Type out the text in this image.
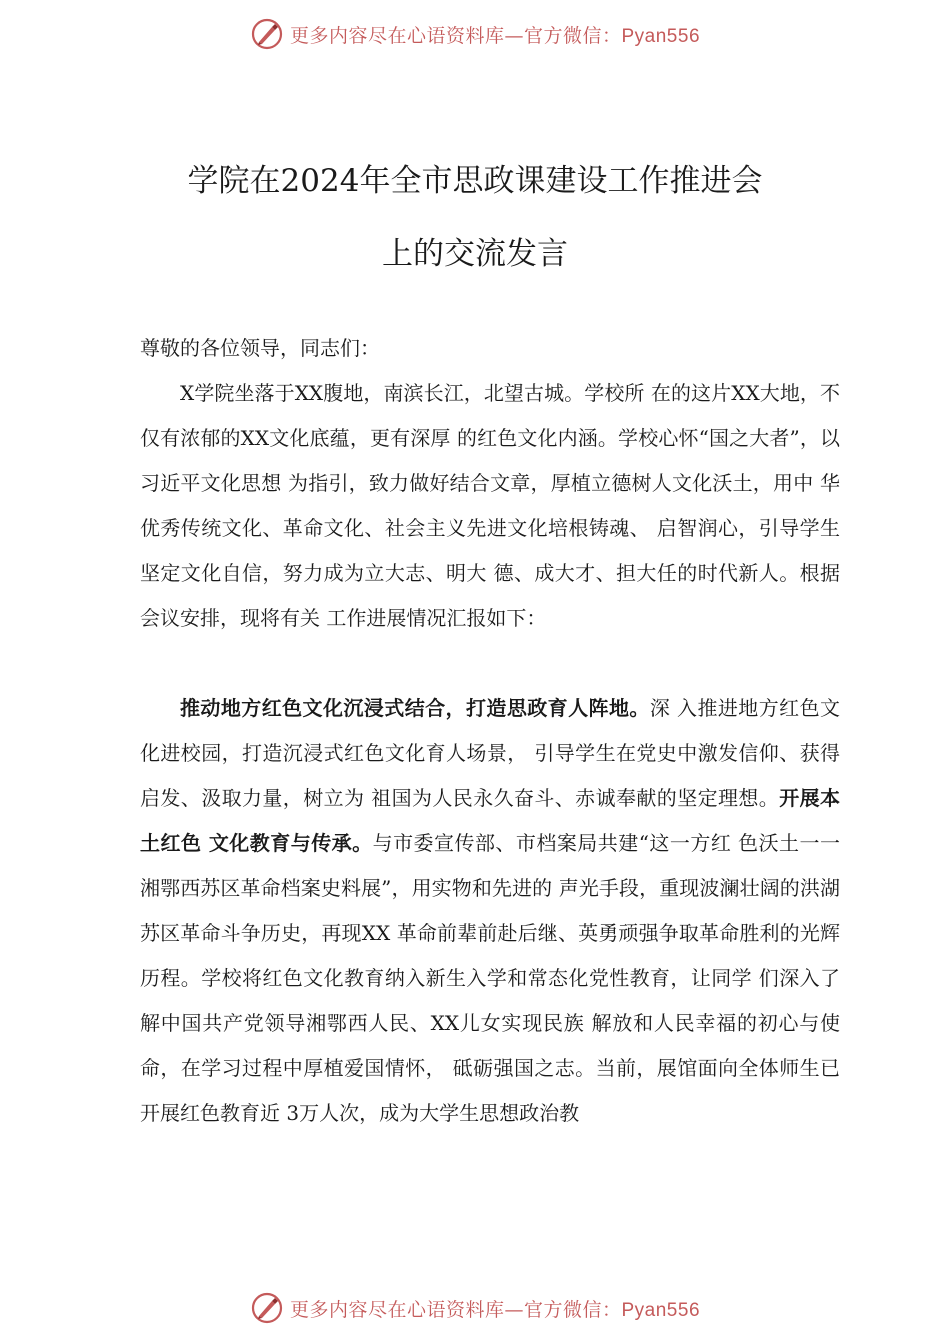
更多内容尽在心语资料库—官方微信：Pyan556
学院在2024年全市思政课建设工作推进会
上的交流发言

尊敬的各位领导，同志们：

X学院坐落于XX腹地，南滨长江，北望古城。学校所 在的这片XX大地，不仅有浓郁的XX文化底蕴，更有深厚 的红色文化内涵。学校心怀“国之大者”，以习近平文化思想 为指引，致力做好结合文章，厚植立德树人文化沃土，用中 华优秀传统文化、革命文化、社会主义先进文化培根铸魂、 启智润心，引导学生坚定文化自信，努力成为立大志、明大 德、成大才、担大任的时代新人。根据会议安排，现将有关 工作进展情况汇报如下：

推动地方红色文化沉浸式结合，打造思政育人阵地。深 入推进地方红色文化进校园，打造沉浸式红色文化育人场景， 引导学生在党史中激发信仰、获得启发、汲取力量，树立为 祖国为人民永久奋斗、赤诚奉献的坚定理想。开展本土红色 文化教育与传承。与市委宣传部、市档案局共建“这一方红 色沃土一一湘鄂西苏区革命档案史料展”，用实物和先进的 声光手段，重现波澜壮阔的洪湖苏区革命斗争历史，再现XX 革命前辈前赴后继、英勇顽强争取革命胜利的光辉历程。学校将红色文化教育纳入新生入学和常态化党性教育，让同学 们深入了解中国共产党领导湘鄂西人民、XX儿女实现民族 解放和人民幸福的初心与使命，在学习过程中厚植爱国情怀， 砥砺强国之志。当前，展馆面向全体师生已开展红色教育近 3万人次，成为大学生思想政治教

更多内容尽在心语资料库—官方微信：Pyan556
